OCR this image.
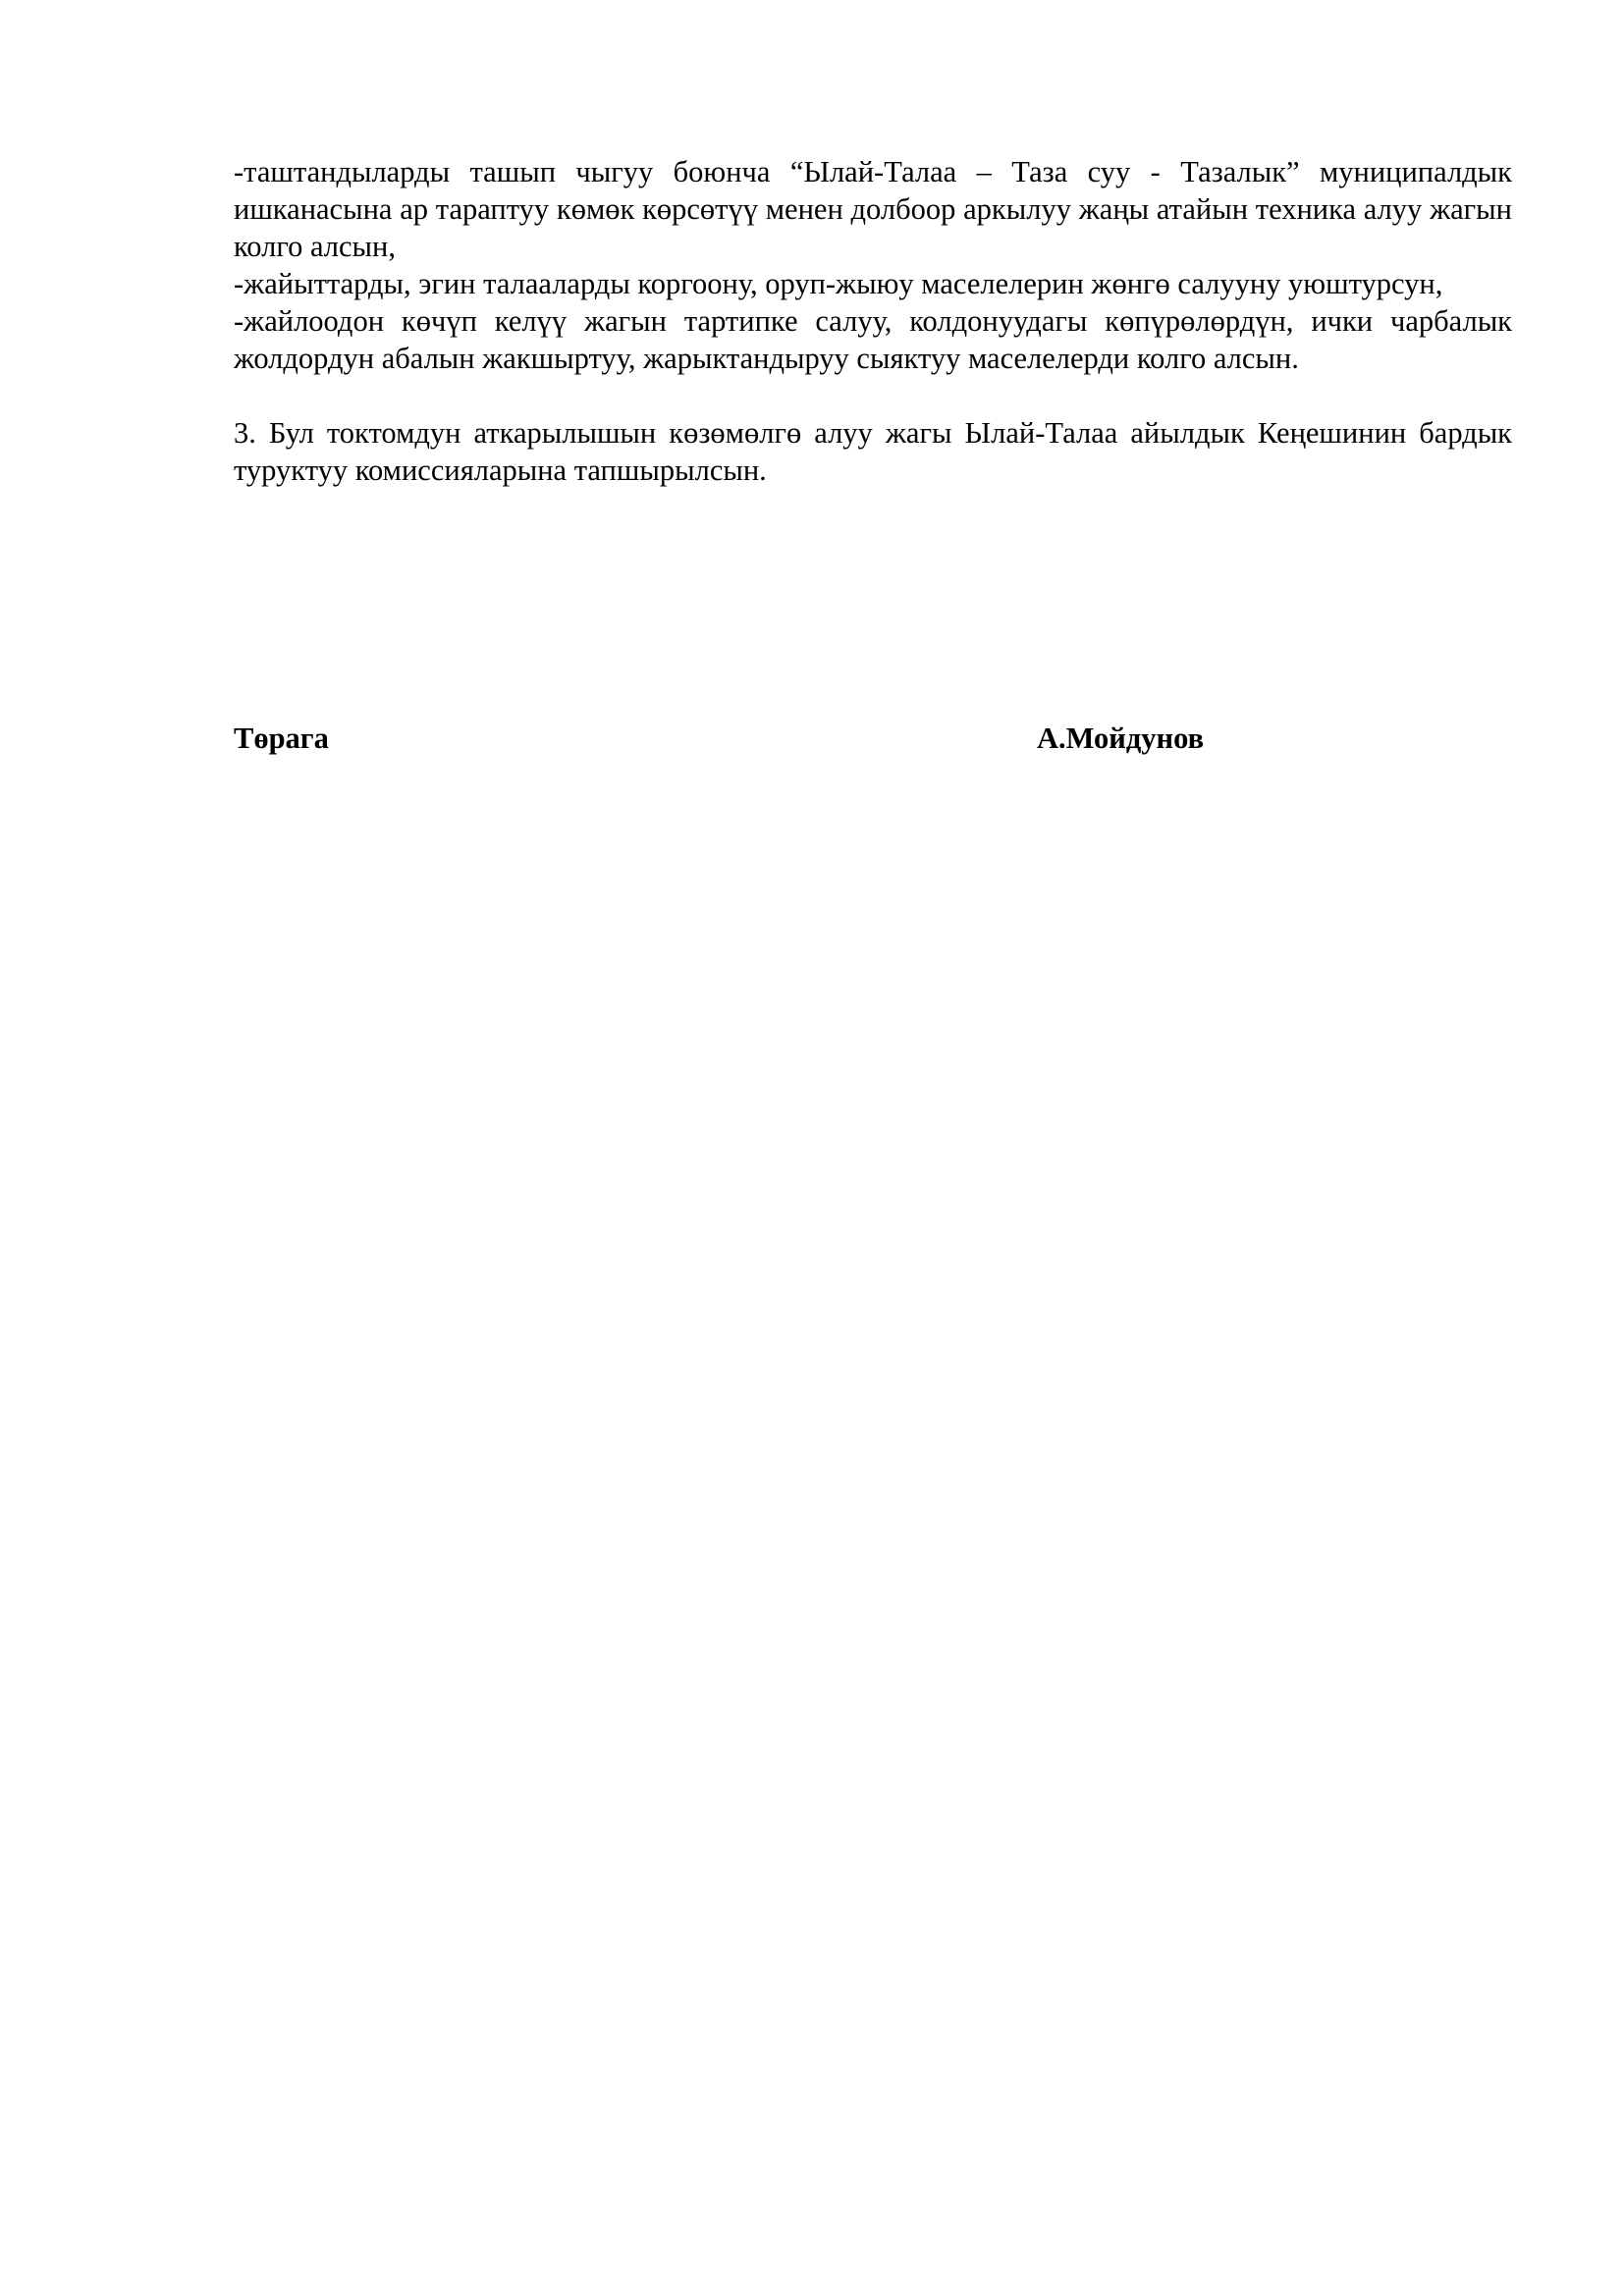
-таштандыларды ташып чыгуу боюнча “Ылай-Талаа – Таза суу - Тазалык” муниципалдык ишканасына ар тараптуу көмөк көрсөтүү менен долбоор аркылуу жаңы атайын техника алуу жагын колго алсын,

-жайыттарды, эгин талааларды коргоону, оруп-жыюу маселелерин жөнгө салууну уюштурсун,

-жайлоодон көчүп келүү жагын тартипке салуу, колдонуудагы көпүрөлөрдүн, ички чарбалык жолдордун абалын жакшыртуу, жарыктандыруу сыяктуу маселелерди колго алсын.

3. Бул токтомдун аткарылышын көзөмөлгө алуу жагы Ылай-Талаа айылдык Кеңешинин бардык туруктуу комиссияларына тапшырылсын.

Төрага	А.Мойдунов
